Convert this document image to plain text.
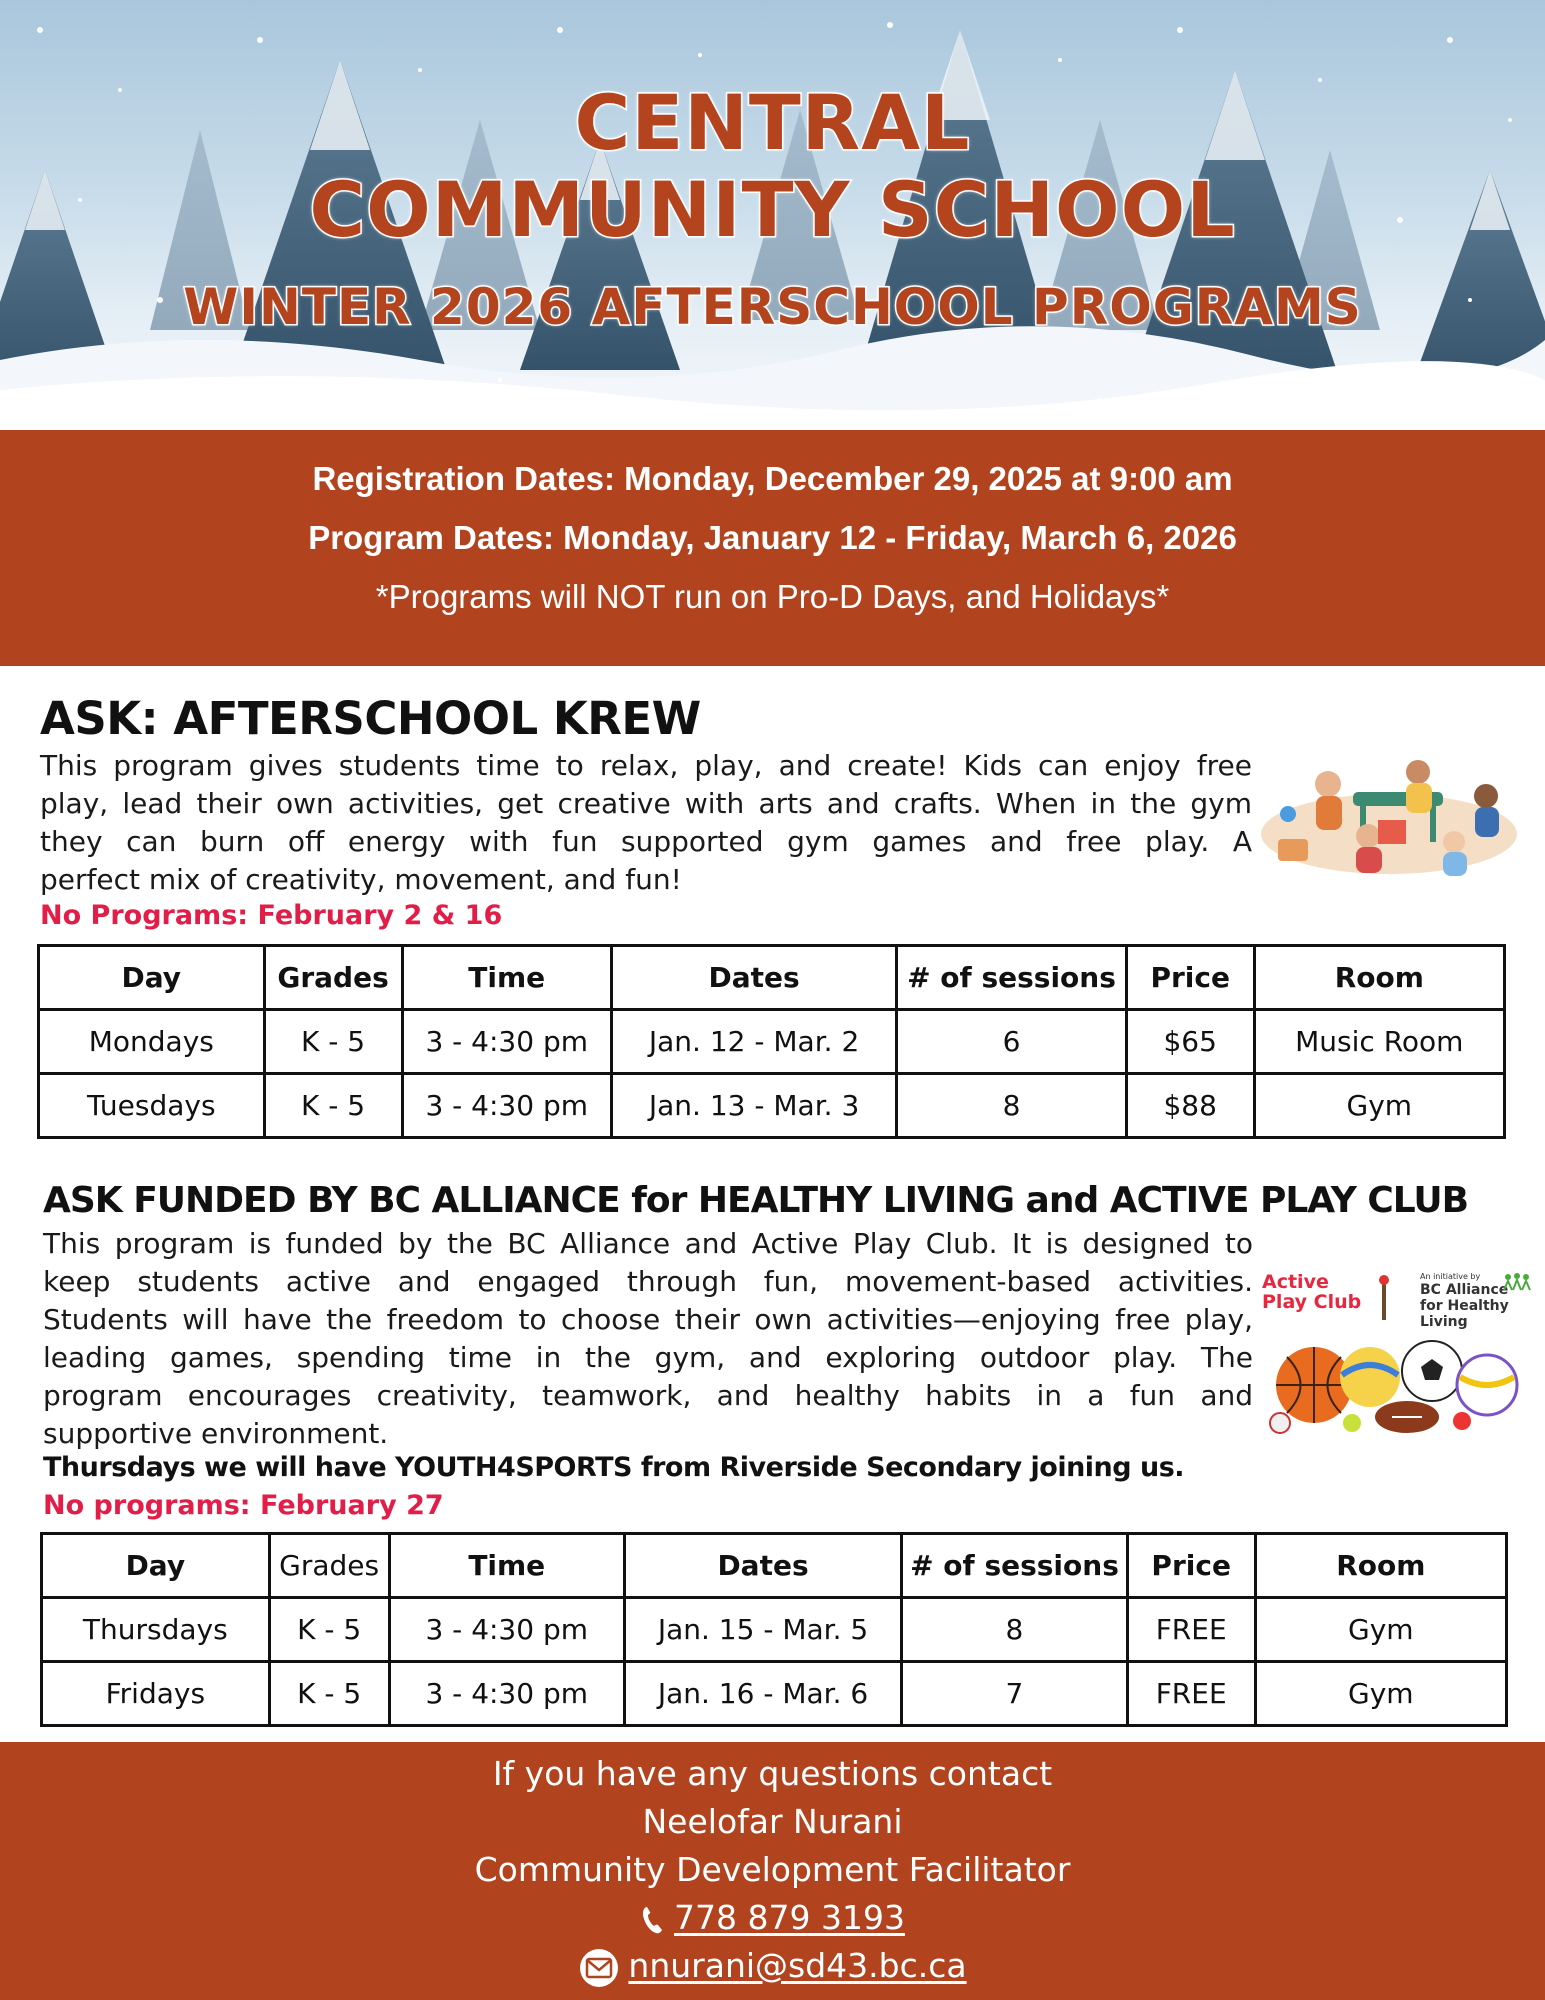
CENTRAL
COMMUNITY SCHOOL
WINTER 2026 AFTERSCHOOL PROGRAMS
Registration Dates: Monday, December 29, 2025 at 9:00 am
Program Dates: Monday, January 12 - Friday, March 6, 2026
*Programs will NOT run on Pro-D Days, and Holidays*
ASK: AFTERSCHOOL KREW
This program gives students time to relax, play, and create! Kids can enjoy free
play, lead their own activities, get creative with arts and crafts. When in the gym
they can burn off energy with fun supported gym games and free play. A
perfect mix of creativity, movement, and fun!
No Programs: February 2 & 16
Day	Grades	Time	Dates	# of sessions	Price	Room
Mondays	K - 5	3 - 4:30 pm	Jan. 12 - Mar. 2	6	$65	Music Room
Tuesdays	K - 5	3 - 4:30 pm	Jan. 13 - Mar. 3	8	$88	Gym
ASK FUNDED BY BC ALLIANCE for HEALTHY LIVING and ACTIVE PLAY CLUB
This program is funded by the BC Alliance and Active Play Club. It is designed to
keep students active and engaged through fun, movement-based activities.
Students will have the freedom to choose their own activities—enjoying free play,
leading games, spending time in the gym, and exploring outdoor play. The
program encourages creativity, teamwork, and healthy habits in a fun and
supportive environment.
Active
Play Club
An initiative by
BC Alliance
for Healthy Living
Thursdays we will have YOUTH4SPORTS from Riverside Secondary joining us.
No programs: February 27
Day	Grades	Time	Dates	# of sessions	Price	Room
Thursdays	K - 5	3 - 4:30 pm	Jan. 15 - Mar. 5	8	FREE	Gym
Fridays	K - 5	3 - 4:30 pm	Jan. 16 - Mar. 6	7	FREE	Gym
If you have any questions contact
Neelofar Nurani
Community Development Facilitator
778 879 3193
nnurani@sd43.bc.ca
